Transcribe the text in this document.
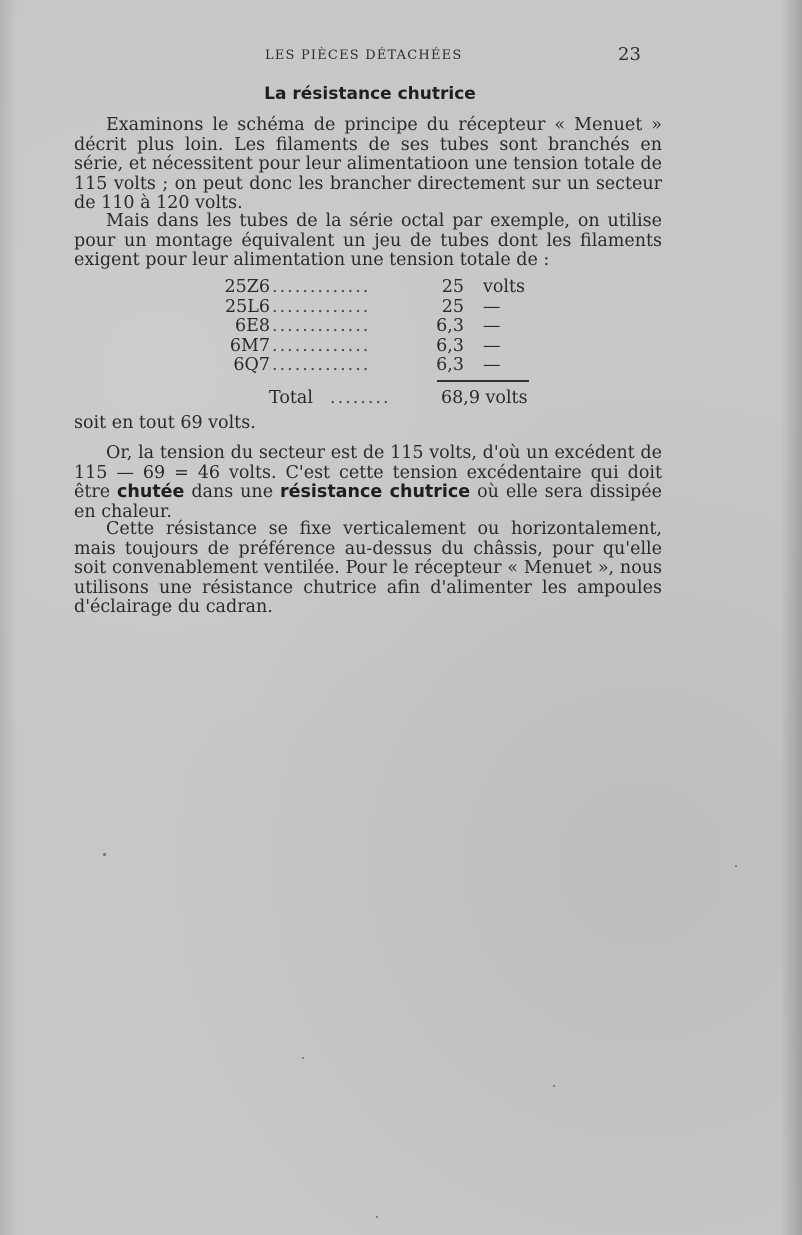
LES PIÈCES DÉTACHÉES	23
La résistance chutrice
Examinons le schéma de principe du récepteur « Menuet » décrit plus loin. Les filaments de ses tubes sont branchés en série, et nécessitent pour leur alimentatioon une tension totale de 115 volts ; on peut donc les brancher directement sur un secteur de 110 à 120 volts.
Mais dans les tubes de la série octal par exemple, on utilise pour un montage équivalent un jeu de tubes dont les filaments exigent pour leur alimentation une tension totale de :
25Z6 .............	25 volts
25L6 .............	25 —
6E8 .............	6,3 —
6M7 .............	6,3 —
6Q7 .............	6,3 —
Total ........	68,9 volts
soit en tout 69 volts.
Or, la tension du secteur est de 115 volts, d'où un excédent de 115 — 69 = 46 volts. C'est cette tension excédentaire qui doit être chutée dans une résistance chutrice où elle sera dissipée en chaleur.
Cette résistance se fixe verticalement ou horizontalement, mais toujours de préférence au-dessus du châssis, pour qu'elle soit convenablement ventilée. Pour le récepteur « Menuet », nous utilisons une résistance chutrice afin d'alimenter les ampoules d'éclairage du cadran.
